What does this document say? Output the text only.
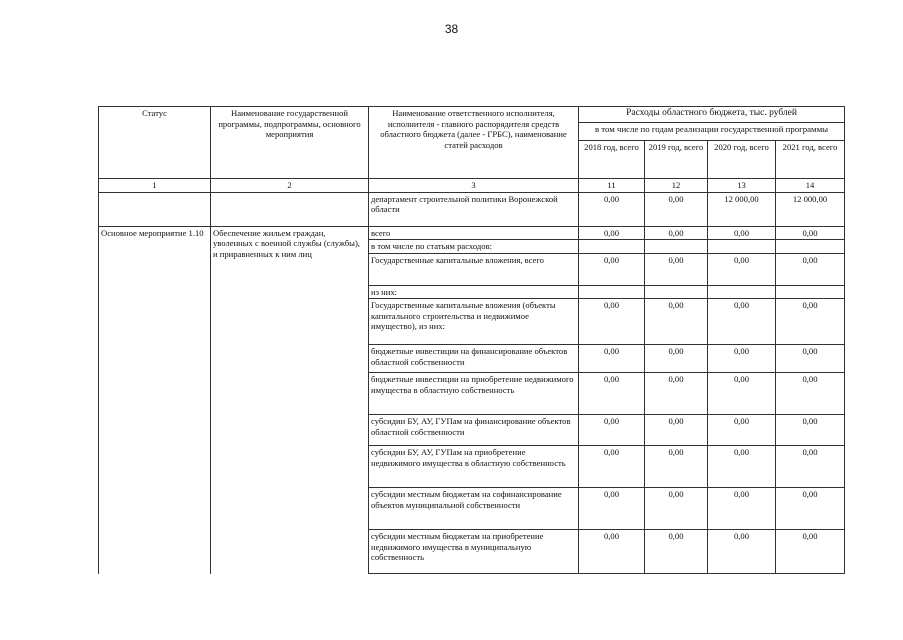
38
Статус	Наименование государственной программы, подпрограммы, основного мероприятия	Наименование ответственного исполнителя, исполнителя - главного распорядителя средств областного бюджета (далее - ГРБС), наименование статей расходов	Расходы областного бюджета, тыс. рублей			
			в том числе по годам реализации государственной программы			
			2018 год, всего	2019 год, всего	2020 год, всего	2021 год, всего
1	2	3	11	12	13	14
		департамент строительной политики Воронежской области	0,00	0,00	12 000,00	12 000,00
Основное мероприятие 1.10	Обеспечение жильем граждан, уволенных с военной службы (службы), и приравненных к ним лиц	всего	0,00	0,00	0,00	0,00
		в том числе по статьям расходов:				
		Государственные капитальные вложения, всего	0,00	0,00	0,00	0,00
		из них:				
		Государственные капитальные вложения (объекты капитального строительства и недвижимое имущество), из них:	0,00	0,00	0,00	0,00
		бюджетные инвестиции на финансирование объектов областной собственности	0,00	0,00	0,00	0,00
		бюджетные инвестиции на приобретение недвижимого имущества в областную собственность	0,00	0,00	0,00	0,00
		субсидии БУ, АУ, ГУПам на финансирование объектов областной собственности	0,00	0,00	0,00	0,00
		субсидии БУ, АУ, ГУПам на приобретение недвижимого имущества в областную собственность	0,00	0,00	0,00	0,00
		субсидии местным бюджетам на софинансирование объектов муниципальной собственности	0,00	0,00	0,00	0,00
		субсидии местным бюджетам на приобретение недвижимого имущества в муниципальную собственность	0,00	0,00	0,00	0,00
